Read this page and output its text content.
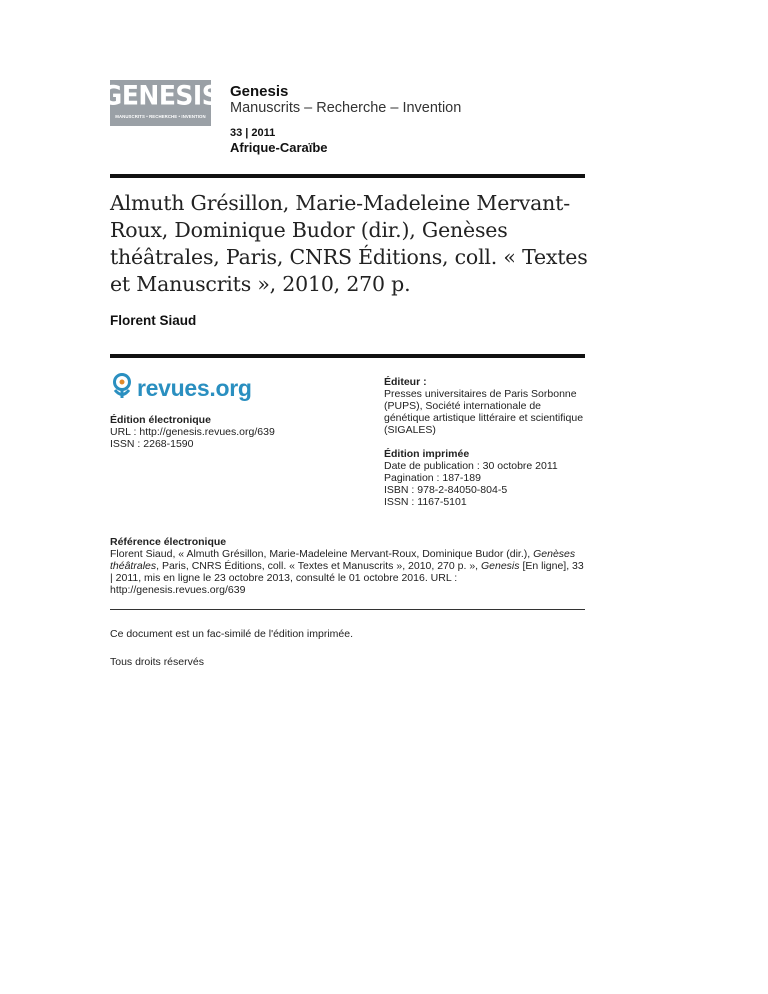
GENESIS
MANUSCRITS • RECHERCHE • INVENTION
Genesis
Manuscrits – Recherche – Invention
33 | 2011
Afrique-Caraïbe
Almuth Grésillon, Marie-Madeleine Mervant-Roux, Dominique Budor (dir.), Genèses théâtrales, Paris, CNRS Éditions, coll. « Textes et Manuscrits », 2010, 270 p.
Florent Siaud
revues.org
Édition électronique
URL : http://genesis.revues.org/639
ISSN : 2268-1590
Éditeur :
Presses universitaires de Paris Sorbonne (PUPS), Société internationale de génétique artistique littéraire et scientifique (SIGALES)
Édition imprimée
Date de publication : 30 octobre 2011
Pagination : 187-189
ISBN : 978-2-84050-804-5
ISSN : 1167-5101
Référence électronique
Florent Siaud, « Almuth Grésillon, Marie-Madeleine Mervant-Roux, Dominique Budor (dir.), Genèses théâtrales, Paris, CNRS Éditions, coll. « Textes et Manuscrits », 2010, 270 p. », Genesis [En ligne], 33 | 2011, mis en ligne le 23 octobre 2013, consulté le 01 octobre 2016. URL : http://genesis.revues.org/639
Ce document est un fac-similé de l'édition imprimée.
Tous droits réservés
